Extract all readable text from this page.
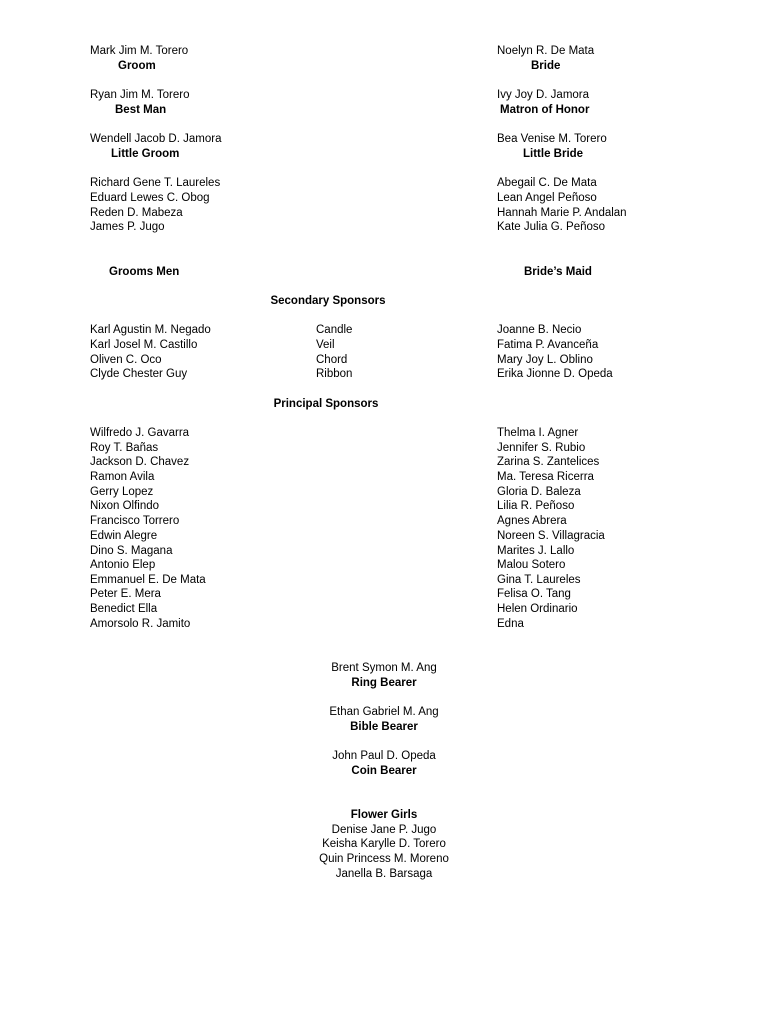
Mark Jim M. Torero
Groom
Noelyn R. De Mata
Bride
Ryan Jim M. Torero
Best Man
Ivy Joy D. Jamora
Matron of Honor
Wendell Jacob D. Jamora
Little Groom
Bea Venise M. Torero
Little Bride
Richard Gene T. Laureles
Eduard Lewes C. Obog
Reden D. Mabeza
James P. Jugo
Abegail C. De Mata
Lean Angel Peñoso
Hannah Marie P. Andalan
Kate Julia G. Peñoso
Grooms Men	Bride’s Maid
Secondary Sponsors
Karl Agustin M. Negado
Karl Josel M. Castillo
Oliven C. Oco
Clyde Chester Guy
Candle
Veil
Chord
Ribbon
Joanne B. Necio
Fatima P. Avanceña
Mary Joy L. Oblino
Erika Jionne D. Opeda
Principal Sponsors
Wilfredo J. Gavarra
Roy T. Bañas
Jackson D. Chavez
Ramon Avila
Gerry Lopez
Nixon Olfindo
Francisco Torrero
Edwin Alegre
Dino S. Magana
Antonio Elep
Emmanuel E. De Mata
Peter E. Mera
Benedict Ella
Amorsolo R. Jamito
Thelma I. Agner
Jennifer S. Rubio
Zarina S. Zantelices
Ma. Teresa Ricerra
Gloria D. Baleza
Lilia R. Peñoso
Agnes Abrera
Noreen S. Villagracia
Marites J. Lallo
Malou Sotero
Gina T. Laureles
Felisa O. Tang
Helen Ordinario
Edna
Brent Symon M. Ang
Ring Bearer
Ethan Gabriel M. Ang
Bible Bearer
John Paul D. Opeda
Coin Bearer
Flower Girls
Denise Jane P. Jugo
Keisha Karylle D. Torero
Quin Princess M. Moreno
Janella B. Barsaga
